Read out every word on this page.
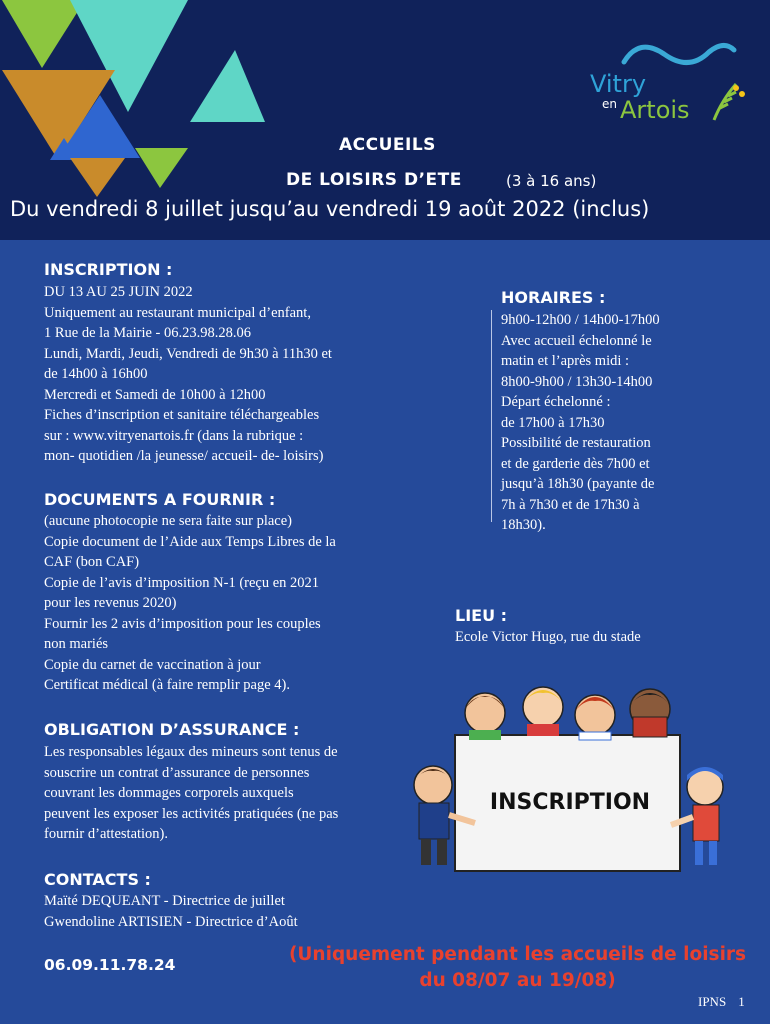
Vitry
en Artois
ACCUEILS
DE LOISIRS D’ETE	(3 à 16 ans)
Du vendredi 8 juillet jusqu’au vendredi 19 août 2022 (inclus)
INSCRIPTION :
DU 13 AU 25 JUIN 2022
Uniquement au restaurant municipal d’enfant,
1 Rue de la Mairie - 06.23.98.28.06
Lundi, Mardi, Jeudi, Vendredi de 9h30 à 11h30 et
de 14h00 à 16h00
Mercredi et Samedi de 10h00 à 12h00
Fiches d’inscription et sanitaire téléchargeables
sur : www.vitryenartois.fr (dans la rubrique :
mon- quotidien /la jeunesse/ accueil- de- loisirs)
HORAIRES :
9h00-12h00 / 14h00-17h00
Avec accueil échelonné le
matin et l’après midi :
8h00-9h00 / 13h30-14h00
Départ échelonné :
de 17h00 à 17h30
Possibilité de restauration
et de garderie dès 7h00 et
jusqu’à 18h30 (payante de
7h à 7h30 et de 17h30 à
18h30).
DOCUMENTS A FOURNIR :
(aucune photocopie ne sera faite sur place)
Copie document de l’Aide aux Temps Libres de la
CAF (bon CAF)
Copie de l’avis d’imposition N-1 (reçu en 2021
pour les revenus 2020)
Fournir les 2 avis d’imposition pour les couples
non mariés
Copie du carnet de vaccination à jour
Certificat médical (à faire remplir page 4).
LIEU :
Ecole Victor Hugo, rue du stade
OBLIGATION D’ASSURANCE :
Les responsables légaux des mineurs sont tenus de
souscrire un contrat d’assurance de personnes
couvrant les dommages corporels auxquels
peuvent les exposer les activités pratiquées (ne pas
fournir d’attestation).
INSCRIPTION
CONTACTS :
Maïté DEQUEANT - Directrice de juillet
Gwendoline ARTISIEN - Directrice d’Août
06.09.11.78.24	(Uniquement pendant les accueils de loisirs
du 08/07 au 19/08)
IPNS 1
